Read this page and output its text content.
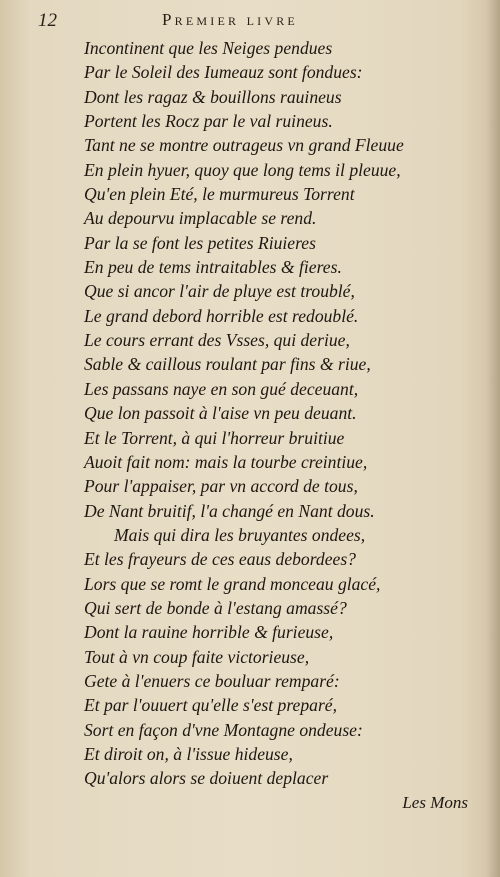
12	Premier livre
Incontinent que les Neiges pendues
Par le Soleil des Iumeauz sont fondues:
Dont les ragaz & bouillons rauineus
Portent les Rocz par le val ruineus.
Tant ne se montre outrageus vn grand Fleuue
En plein hyuer, quoy que long tems il pleuue,
Qu'en plein Eté, le murmureus Torrent
Au depourvu implacable se rend.
Par la se font les petites Riuieres
En peu de tems intraitables & fieres.
Que si ancor l'air de pluye est troublé,
Le grand debord horrible est redoublé.
Le cours errant des Vsses, qui deriue,
Sable & caillous roulant par fins & riue,
Les passans naye en son gué deceuant,
Que lon passoit à l'aise vn peu deuant.
Et le Torrent, à qui l'horreur bruitiue
Auoit fait nom: mais la tourbe creintiue,
Pour l'appaiser, par vn accord de tous,
De Nant bruitif, l'a changé en Nant dous.
Mais qui dira les bruyantes ondees,
Et les frayeurs de ces eaus debordees?
Lors que se romt le grand monceau glacé,
Qui sert de bonde à l'estang amassé?
Dont la rauine horrible & furieuse,
Tout à vn coup faite victorieuse,
Gete à l'enuers ce bouluar remparé:
Et par l'ouuert qu'elle s'est preparé,
Sort en façon d'vne Montagne ondeuse:
Et diroit on, à l'issue hideuse,
Qu'alors alors se doiuent deplacer
Les Mons
